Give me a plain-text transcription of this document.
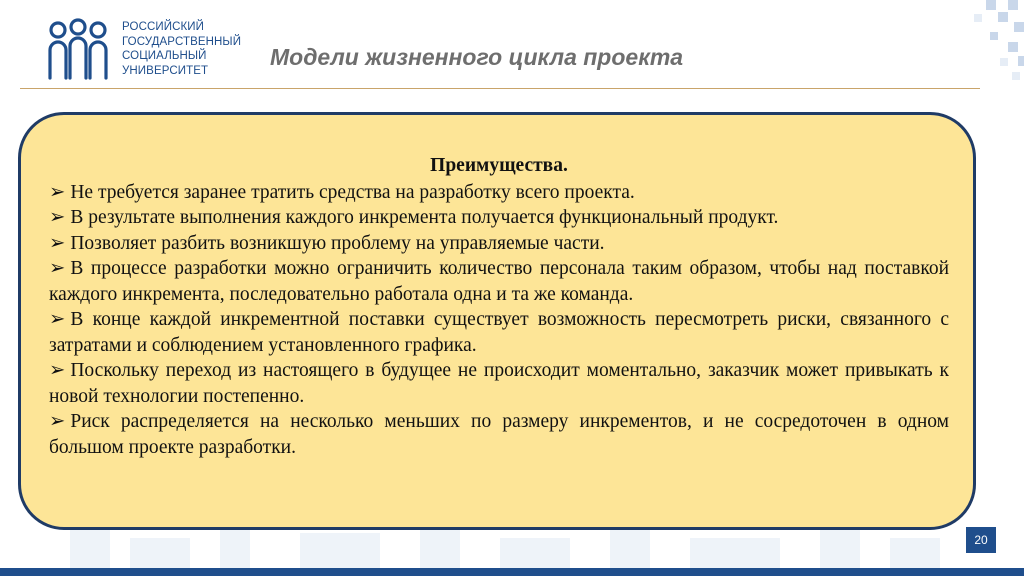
РОССИЙСКИЙ
ГОСУДАРСТВЕННЫЙ
СОЦИАЛЬНЫЙ
УНИВЕРСИТЕТ
Модели жизненного цикла проекта
Преимущества.
➢ Не требуется заранее тратить средства на разработку всего проекта.
➢ В результате выполнения каждого инкремента получается функциональный продукт.
➢ Позволяет разбить возникшую проблему на управляемые части.
➢ В процессе разработки можно ограничить количество персонала таким образом, чтобы над поставкой каждого инкремента, последовательно работала одна и та же команда.
➢ В конце каждой инкрементной поставки существует возможность пересмотреть риски, связанного с затратами и соблюдением установленного графика.
➢ Поскольку переход из настоящего в будущее не происходит моментально, заказчик может привыкать к новой технологии постепенно.
➢ Риск распределяется на несколько меньших по размеру инкрементов, и не сосредоточен в одном большом проекте разработки.
20
